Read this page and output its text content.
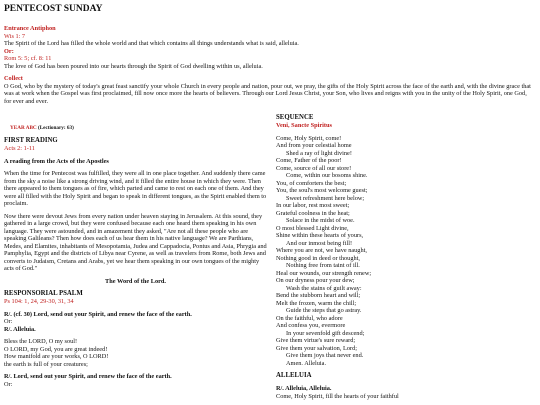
PENTECOST SUNDAY
Entrance Antiphon
Wis 1: 7
The Spirit of the Lord has filled the whole world and that which contains all things understands what is said, alleluia.
Or:
Rom 5: 5; cf. 8: 11
The love of God has been poured into our hearts through the Spirit of God dwelling within us, alleluia.
Collect
O God, who by the mystery of today's great feast sanctify your whole Church in every people and nation, pour out, we pray, the gifts of the Holy Spirit across the face of the earth and, with the divine grace that was at work when the Gospel was first proclaimed, fill now once more the hearts of believers. Through our Lord Jesus Christ, your Son, who lives and reigns with you in the unity of the Holy Spirit, one God, for ever and ever.
YEAR ABC (Lectionary: 63)
FIRST READING
Acts 2: 1-11
A reading from the Acts of the Apostles
When the time for Pentecost was fulfilled, they were all in one place together. And suddenly there came from the sky a noise like a strong driving wind, and it filled the entire house in which they were. Then there appeared to them tongues as of fire, which parted and came to rest on each one of them. And they were all filled with the Holy Spirit and began to speak in different tongues, as the Spirit enabled them to proclaim.
Now there were devout Jews from every nation under heaven staying in Jerusalem. At this sound, they gathered in a large crowd, but they were confused because each one heard them speaking in his own language. They were astounded, and in amazement they asked, "Are not all these people who are speaking Galileans? Then how does each of us hear them in his native language? We are Parthians, Medes, and Elamites, inhabitants of Mesopotamia, Judea and Cappadocia, Pontus and Asia, Phrygia and Pamphylia, Egypt and the districts of Libya near Cyrene, as well as travelers from Rome, both Jews and converts to Judaism, Cretans and Arabs, yet we hear them speaking in our own tongues of the mighty acts of God."
The Word of the Lord.
RESPONSORIAL PSALM
Ps 104: 1, 24, 29-30, 31, 34
R/. (cf. 30) Lord, send out your Spirit, and renew the face of the earth.
Or:
R/. Alleluia.
Bless the LORD, O my soul!
O LORD, my God, you are great indeed!
How manifold are your works, O LORD!
the earth is full of your creatures;
R/. Lord, send out your Spirit, and renew the face of the earth.
Or:
SEQUENCE
Veni, Sancte Spiritus
Come, Holy Spirit, come!
And from your celestial home
Shed a ray of light divine!
Come, Father of the poor!
Come, source of all our store!
Come, within our bosoms shine.
You, of comforters the best;
You, the soul's most welcome guest;
Sweet refreshment here below;
In our labor, rest most sweet;
Grateful coolness in the heat;
Solace in the midst of woe.
O most blessed Light divine,
Shine within these hearts of yours,
And our inmost being fill!
Where you are not, we have naught,
Nothing good in deed or thought,
Nothing free from taint of ill.
Heal our wounds, our strength renew;
On our dryness pour your dew;
Wash the stains of guilt away:
Bend the stubborn heart and will;
Melt the frozen, warm the chill;
Guide the steps that go astray.
On the faithful, who adore
And confess you, evermore
In your sevenfold gift descend;
Give them virtue's sure reward;
Give them your salvation, Lord;
Give them joys that never end.
Amen. Alleluia.
ALLELUIA
R/. Alleluia, Alleluia.
Come, Holy Spirit, fill the hearts of your faithful
